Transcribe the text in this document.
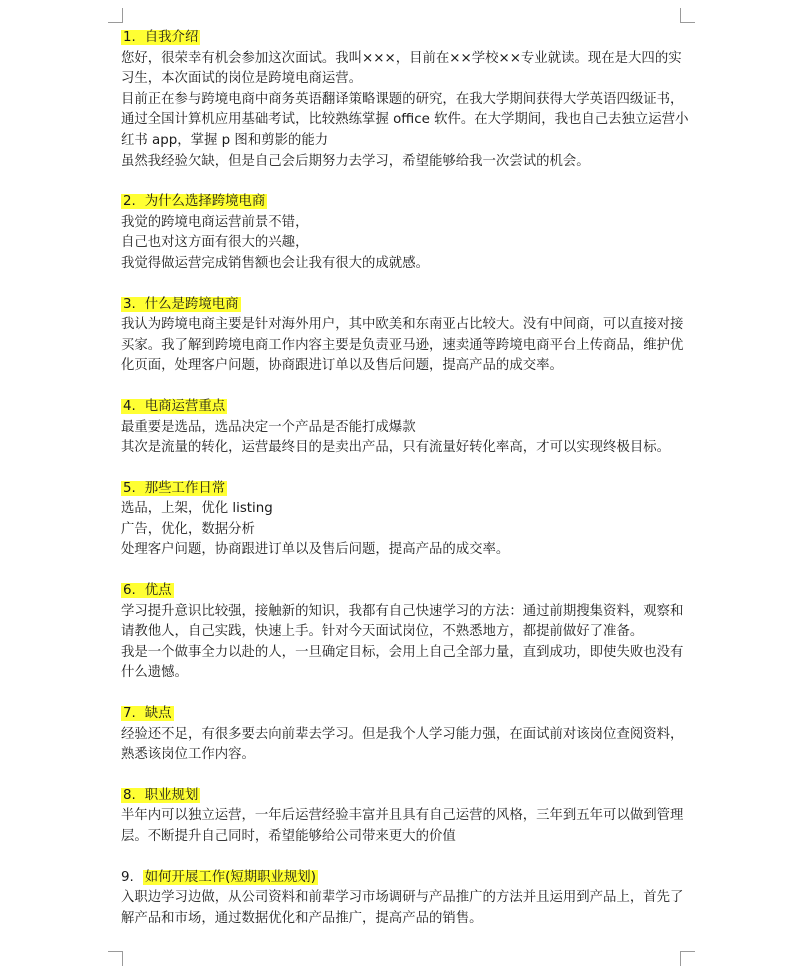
1. 自我介绍

您好，很荣幸有机会参加这次面试。我叫×××，目前在××学校××专业就读。现在是大四的实习生，本次面试的岗位是跨境电商运营。

目前正在参与跨境电商中商务英语翻译策略课题的研究，在我大学期间获得大学英语四级证书，通过全国计算机应用基础考试，比较熟练掌握 office 软件。在大学期间，我也自己去独立运营小红书 app，掌握 p 图和剪影的能力

虽然我经验欠缺，但是自己会后期努力去学习，希望能够给我一次尝试的机会。

2. 为什么选择跨境电商

我觉的跨境电商运营前景不错，

自己也对这方面有很大的兴趣，

我觉得做运营完成销售额也会让我有很大的成就感。

3. 什么是跨境电商

我认为跨境电商主要是针对海外用户，其中欧美和东南亚占比较大。没有中间商，可以直接对接买家。我了解到跨境电商工作内容主要是负责亚马逊，速卖通等跨境电商平台上传商品，维护优化页面，处理客户问题，协商跟进订单以及售后问题，提高产品的成交率。

4. 电商运营重点

最重要是选品，选品决定一个产品是否能打成爆款

其次是流量的转化，运营最终目的是卖出产品，只有流量好转化率高，才可以实现终极目标。

5. 那些工作日常

选品，上架，优化 listing

广告，优化，数据分析

处理客户问题，协商跟进订单以及售后问题，提高产品的成交率。

6. 优点

学习提升意识比较强，接触新的知识，我都有自己快速学习的方法：通过前期搜集资料，观察和请教他人，自己实践，快速上手。针对今天面试岗位，不熟悉地方，都提前做好了准备。

我是一个做事全力以赴的人，一旦确定目标，会用上自己全部力量，直到成功，即使失败也没有什么遗憾。

7. 缺点

经验还不足，有很多要去向前辈去学习。但是我个人学习能力强，在面试前对该岗位查阅资料，熟悉该岗位工作内容。

8. 职业规划

半年内可以独立运营，一年后运营经验丰富并且具有自己运营的风格，三年到五年可以做到管理层。不断提升自己同时，希望能够给公司带来更大的价值

9. 如何开展工作(短期职业规划)

入职边学习边做，从公司资料和前辈学习市场调研与产品推广的方法并且运用到产品上，首先了解产品和市场，通过数据优化和产品推广，提高产品的销售。
